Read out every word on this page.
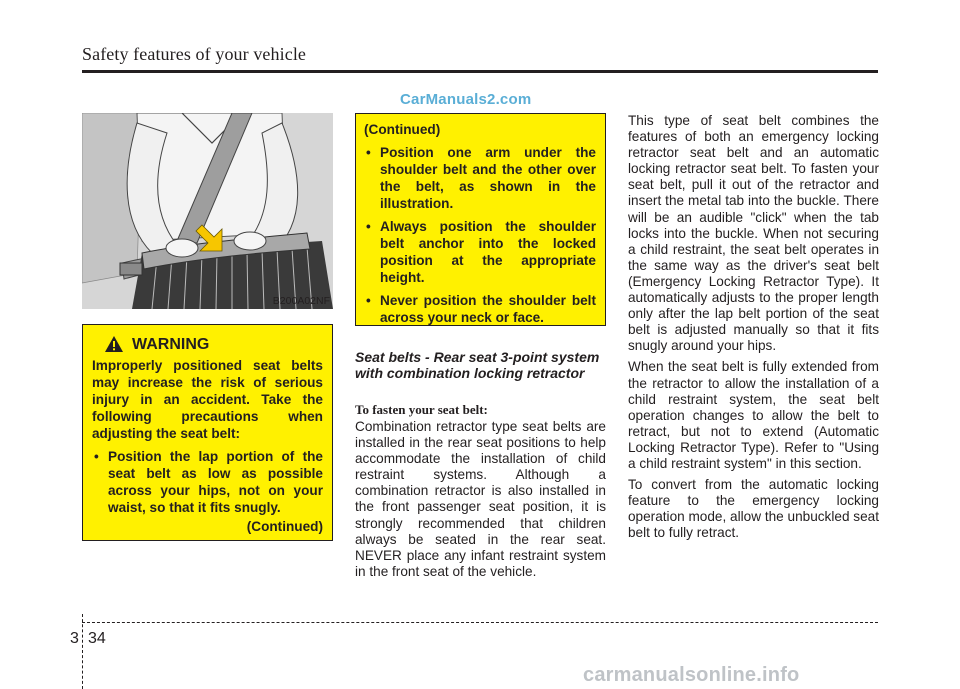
Safety features of your vehicle
CarManuals2.com
B200A02NF
WARNING
Improperly positioned seat belts may increase the risk of serious injury in an accident. Take the following precautions when adjusting the seat belt:
• Position the lap portion of the seat belt as low as possible across your hips, not on your waist, so that it fits snugly.
(Continued)
(Continued)
• Position one arm under the shoulder belt and the other over the belt, as shown in the illustration.
• Always position the shoulder belt anchor into the locked position at the appropriate height.
• Never position the shoulder belt across your neck or face.
Seat belts - Rear seat 3-point system with combination locking retractor
To fasten your seat belt:

Combination retractor type seat belts are installed in the rear seat positions to help accommodate the installation of child restraint systems. Although a combination retractor is also installed in the front passenger seat position, it is strongly recommended that children always be seated in the rear seat. NEVER place any infant restraint system in the front seat of the vehicle.

This type of seat belt combines the features of both an emergency locking retractor seat belt and an automatic locking retractor seat belt. To fasten your seat belt, pull it out of the retractor and insert the metal tab into the buckle. There will be an audible "click" when the tab locks into the buckle. When not securing a child restraint, the seat belt operates in the same way as the driver's seat belt (Emergency Locking Retractor Type). It automatically adjusts to the proper length only after the lap belt portion of the seat belt is adjusted manually so that it fits snugly around your hips.

When the seat belt is fully extended from the retractor to allow the installation of a child restraint system, the seat belt operation changes to allow the belt to retract, but not to extend (Automatic Locking Retractor Type). Refer to "Using a child restraint system" in this section.

To convert from the automatic locking feature to the emergency locking operation mode, allow the unbuckled seat belt to fully retract.

3 34
carmanualsonline.info
